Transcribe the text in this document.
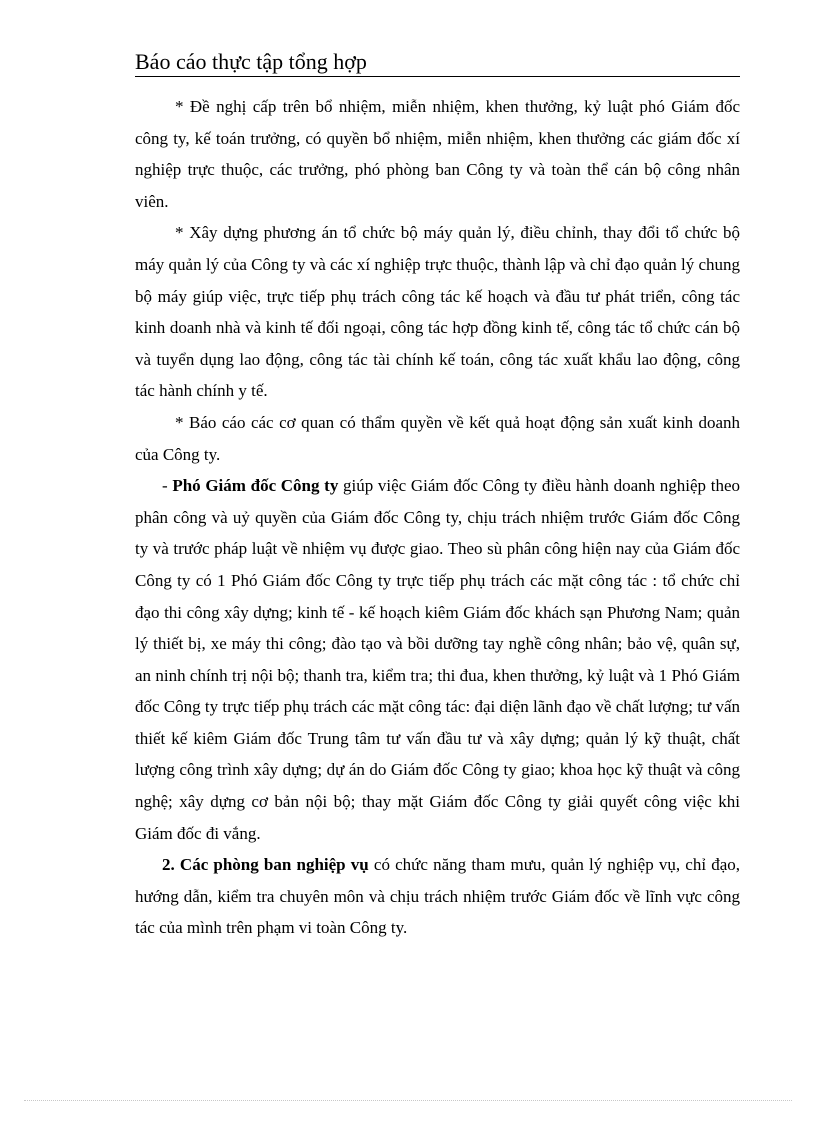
Báo cáo thực tập tổng hợp

* Đề nghị cấp trên bổ nhiệm, miễn nhiệm, khen thưởng, kỷ luật phó Giám đốc công ty, kế toán trưởng, có quyền bổ nhiệm, miễn nhiệm, khen thưởng các giám đốc xí nghiệp trực thuộc, các trưởng, phó phòng ban Công ty và toàn thể cán bộ công nhân viên.

* Xây dựng phương án tổ chức bộ máy quản lý, điều chỉnh, thay đổi tổ chức bộ máy quản lý của Công ty và các xí nghiệp trực thuộc, thành lập và chỉ đạo quản lý chung bộ máy giúp việc, trực tiếp phụ trách công tác kế hoạch và đầu tư phát triển, công tác kinh doanh nhà và kinh tế đối ngoại, công tác hợp đồng kinh tế, công tác tổ chức cán bộ và tuyển dụng lao động, công tác tài chính kế toán, công tác xuất khẩu lao động, công tác hành chính y tế.

* Báo cáo các cơ quan có thẩm quyền về kết quả hoạt động sản xuất kinh doanh của Công ty.

- Phó Giám đốc Công ty giúp việc Giám đốc Công ty điều hành doanh nghiệp theo phân công và uỷ quyền của Giám đốc Công ty, chịu trách nhiệm trước Giám đốc Công ty và trước pháp luật về nhiệm vụ được giao. Theo sù phân công hiện nay của Giám đốc Công ty có 1 Phó Giám đốc Công ty trực tiếp phụ trách các mặt công tác : tổ chức chỉ đạo thi công xây dựng; kinh tế - kế hoạch kiêm Giám đốc khách sạn Phương Nam; quản lý thiết bị, xe máy thi công; đào tạo và bồi dưỡng tay nghề công nhân; bảo vệ, quân sự, an ninh chính trị nội bộ; thanh tra, kiểm tra; thi đua, khen thưởng, kỷ luật và 1 Phó Giám đốc Công ty trực tiếp phụ trách các mặt công tác: đại diện lãnh đạo về chất lượng; tư vấn thiết kế kiêm Giám đốc Trung tâm tư vấn đầu tư và xây dựng; quản lý kỹ thuật, chất lượng công trình xây dựng; dự án do Giám đốc Công ty giao; khoa học kỹ thuật và công nghệ; xây dựng cơ bản nội bộ; thay mặt Giám đốc Công ty giải quyết công việc khi Giám đốc đi vắng.

2. Các phòng ban nghiệp vụ có chức năng tham mưu, quản lý nghiệp vụ, chỉ đạo, hướng dẫn, kiểm tra chuyên môn và chịu trách nhiệm trước Giám đốc về lĩnh vực công tác của mình trên phạm vi toàn Công ty.
